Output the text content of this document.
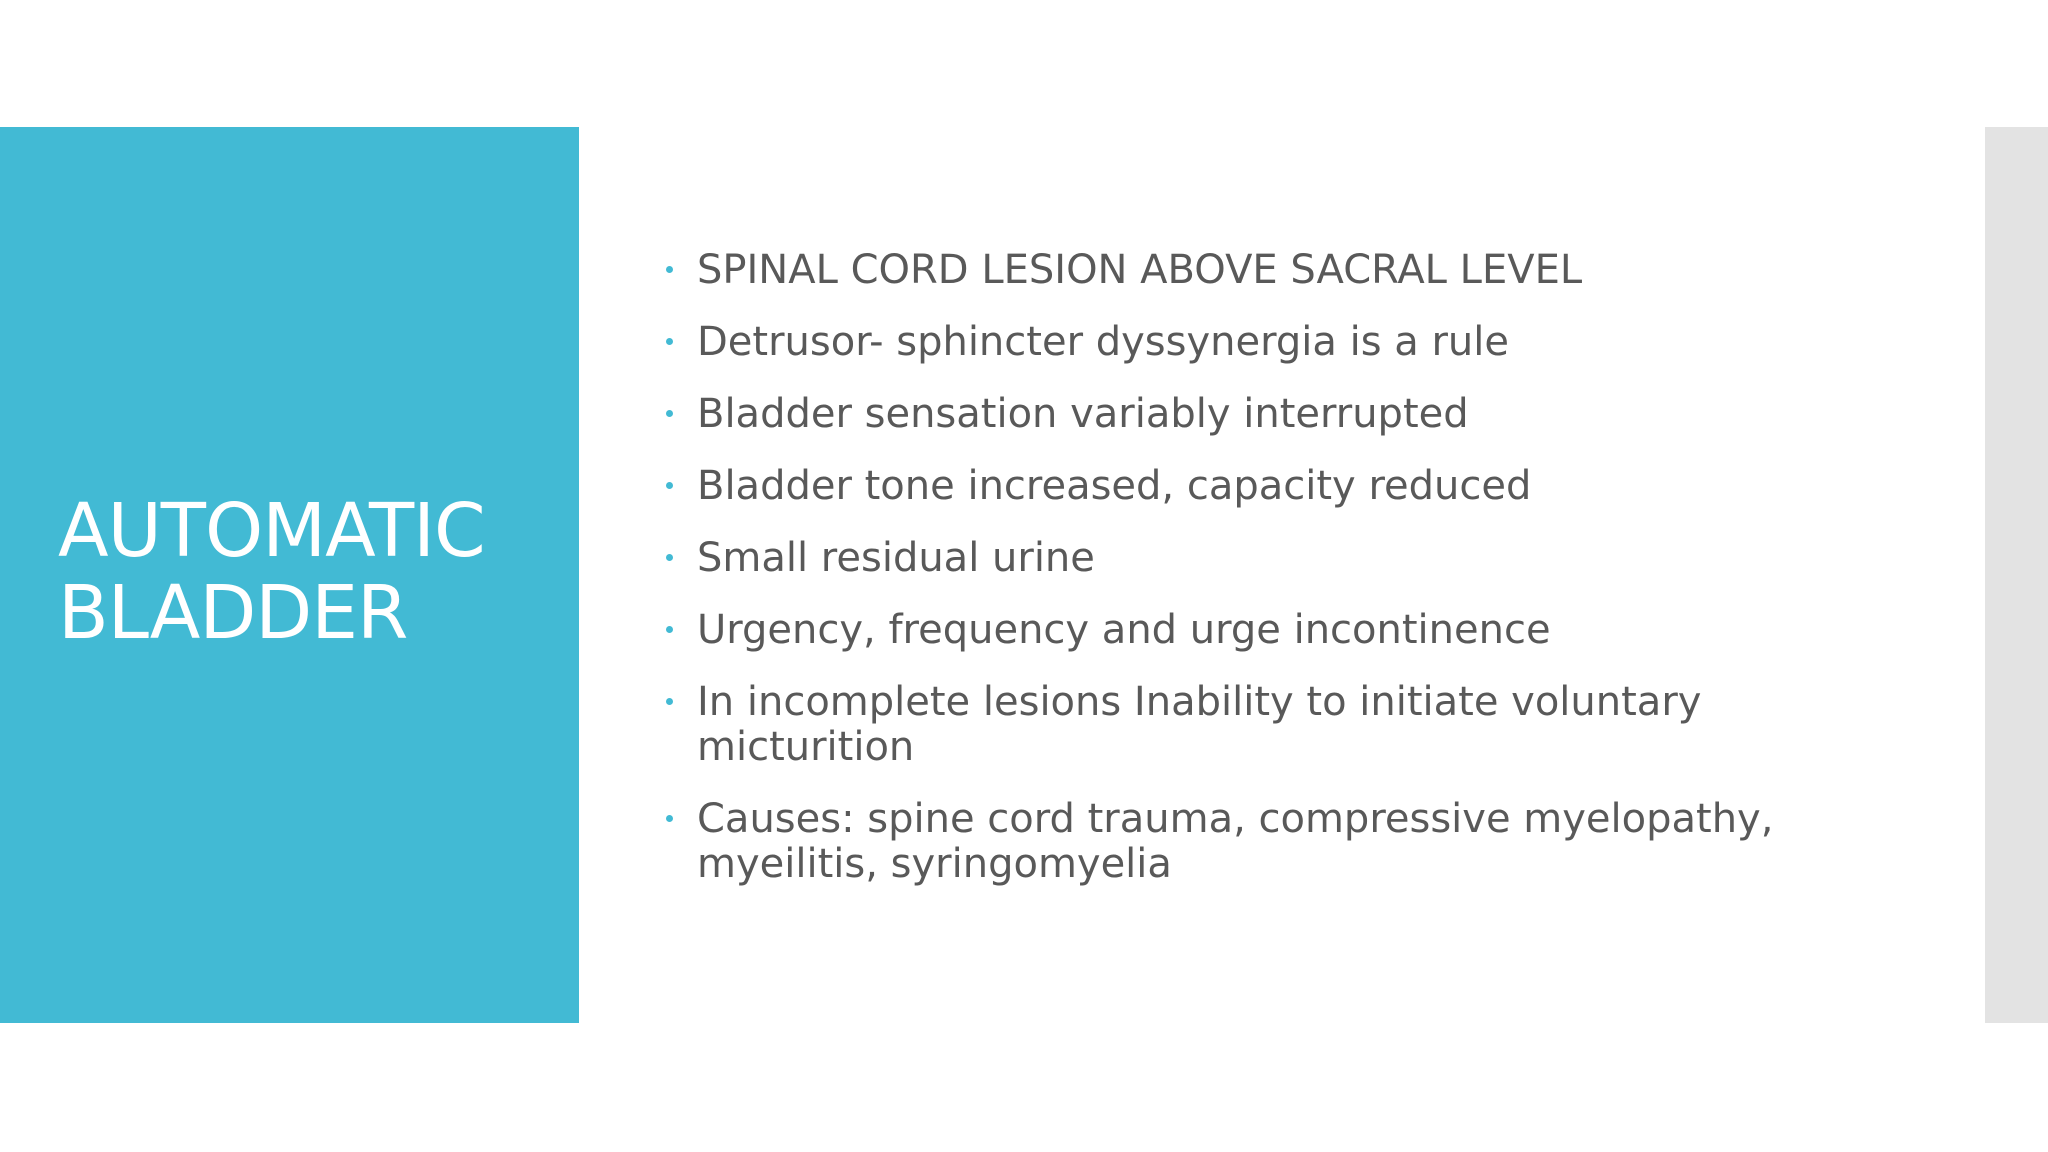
AUTOMATIC
BLADDER
SPINAL CORD LESION ABOVE SACRAL LEVEL
Detrusor- sphincter dyssynergia is a rule
Bladder sensation variably interrupted
Bladder tone increased, capacity reduced
Small residual urine
Urgency, frequency and urge incontinence
In incomplete lesions Inability to initiate voluntary micturition
Causes: spine cord trauma, compressive myelopathy, myeilitis, syringomyelia
